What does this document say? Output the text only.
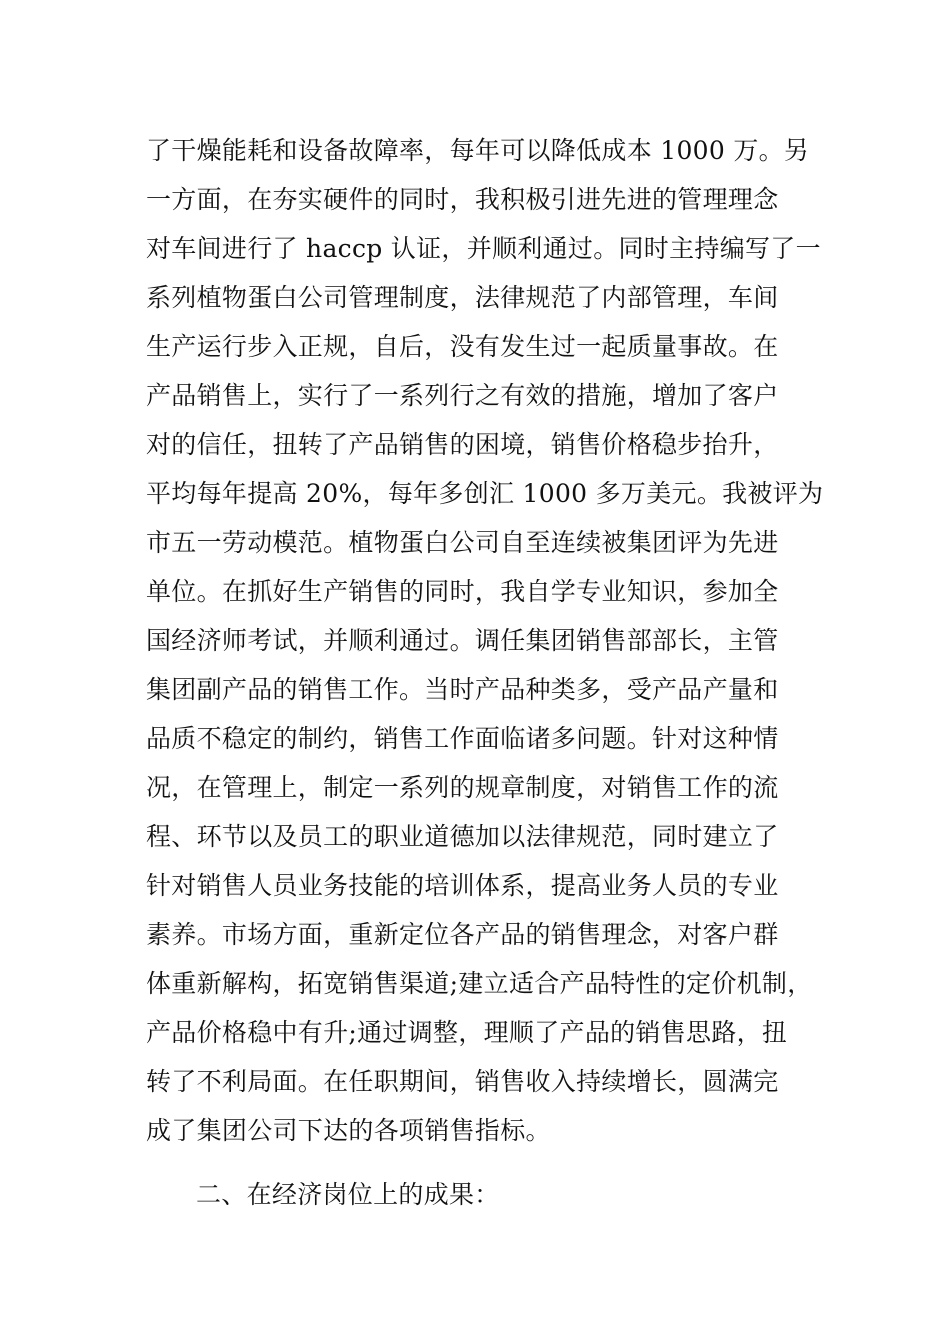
了干燥能耗和设备故障率，每年可以降低成本 1000 万。另
一方面，在夯实硬件的同时，我积极引进先进的管理理念
对车间进行了 haccp 认证，并顺利通过。同时主持编写了一
系列植物蛋白公司管理制度，法律规范了内部管理，车间
生产运行步入正规，自后，没有发生过一起质量事故。在
产品销售上，实行了一系列行之有效的措施，增加了客户
对的信任，扭转了产品销售的困境，销售价格稳步抬升，
平均每年提高 20%，每年多创汇 1000 多万美元。我被评为
市五一劳动模范。植物蛋白公司自至连续被集团评为先进
单位。在抓好生产销售的同时，我自学专业知识，参加全
国经济师考试，并顺利通过。调任集团销售部部长，主管
集团副产品的销售工作。当时产品种类多，受产品产量和
品质不稳定的制约，销售工作面临诸多问题。针对这种情
况，在管理上，制定一系列的规章制度，对销售工作的流
程、环节以及员工的职业道德加以法律规范，同时建立了
针对销售人员业务技能的培训体系，提高业务人员的专业
素养。市场方面，重新定位各产品的销售理念，对客户群
体重新解构，拓宽销售渠道;建立适合产品特性的定价机制，
产品价格稳中有升;通过调整，理顺了产品的销售思路，扭
转了不利局面。在任职期间，销售收入持续增长，圆满完
成了集团公司下达的各项销售指标。
二、在经济岗位上的成果：
